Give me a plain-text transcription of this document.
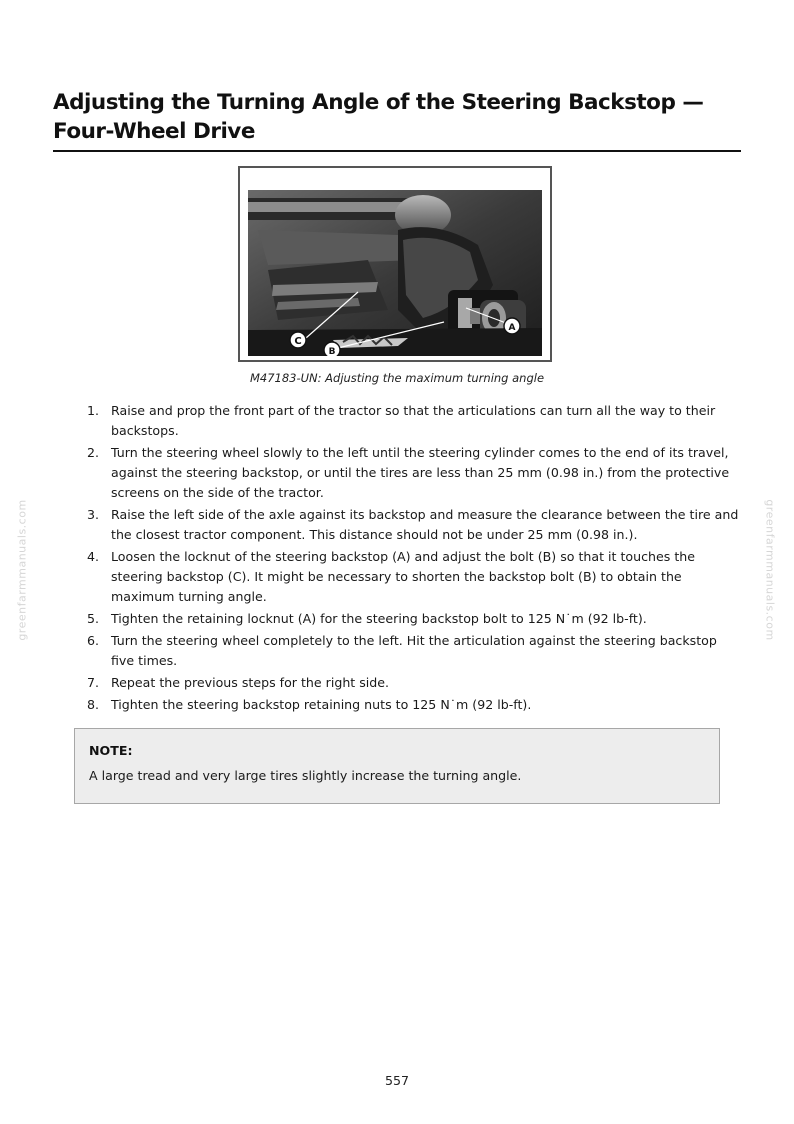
Adjusting the Turning Angle of the Steering Backstop — Four-Wheel Drive
C
B
A
M47183-UN: Adjusting the maximum turning angle
1. Raise and prop the front part of the tractor so that the articulations can turn all the way to their backstops.
2. Turn the steering wheel slowly to the left until the steering cylinder comes to the end of its travel, against the steering backstop, or until the tires are less than 25 mm (0.98 in.) from the protective screens on the side of the tractor.
3. Raise the left side of the axle against its backstop and measure the clearance between the tire and the closest tractor component. This distance should not be under 25 mm (0.98 in.).
4. Loosen the locknut of the steering backstop (A) and adjust the bolt (B) so that it touches the steering backstop (C). It might be necessary to shorten the backstop bolt (B) to obtain the maximum turning angle.
5. Tighten the retaining locknut (A) for the steering backstop bolt to 125 N˙m (92 lb-ft).
6. Turn the steering wheel completely to the left. Hit the articulation against the steering backstop five times.
7. Repeat the previous steps for the right side.
8. Tighten the steering backstop retaining nuts to 125 N˙m (92 lb-ft).
NOTE:
A large tread and very large tires slightly increase the turning angle.
greenfarmmanuals.com	greenfarmmanuals.com
557
